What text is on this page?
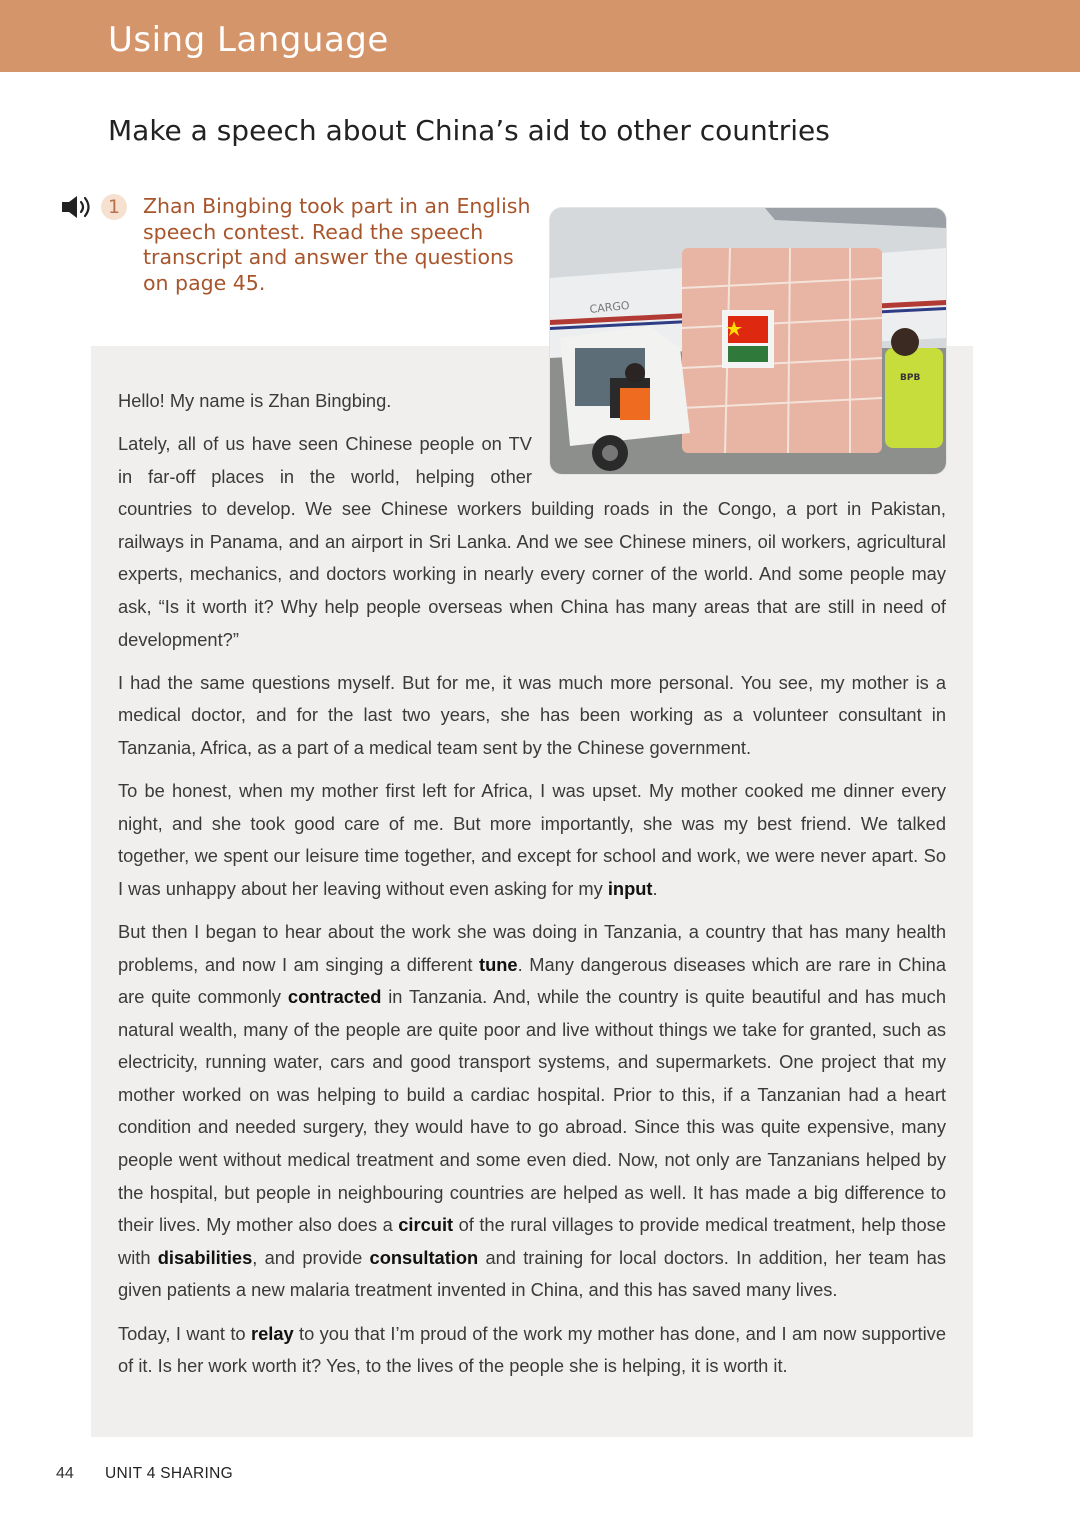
Using Language
Make a speech about China’s aid to other countries
1	Zhan Bingbing took part in an English speech contest. Read the speech transcript and answer the questions on page 45.
CARGO
BPB

Hello! My name is Zhan Bingbing.

Lately, all of us have seen Chinese people on TV in far-off places in the world, helping other countries to develop. We see Chinese workers building roads in the Congo, a port in Pakistan, railways in Panama, and an airport in Sri Lanka. And we see Chinese miners, oil workers, agricultural experts, mechanics, and doctors working in nearly every corner of the world. And some people may ask, “Is it worth it? Why help people overseas when China has many areas that are still in need of development?”

I had the same questions myself. But for me, it was much more personal. You see, my mother is a medical doctor, and for the last two years, she has been working as a volunteer consultant in Tanzania, Africa, as a part of a medical team sent by the Chinese government.

To be honest, when my mother first left for Africa, I was upset. My mother cooked me dinner every night, and she took good care of me. But more importantly, she was my best friend. We talked together, we spent our leisure time together, and except for school and work, we were never apart. So I was unhappy about her leaving without even asking for my input.

But then I began to hear about the work she was doing in Tanzania, a country that has many health problems, and now I am singing a different tune. Many dangerous diseases which are rare in China are quite commonly contracted in Tanzania. And, while the country is quite beautiful and has much natural wealth, many of the people are quite poor and live without things we take for granted, such as electricity, running water, cars and good transport systems, and supermarkets. One project that my mother worked on was helping to build a cardiac hospital. Prior to this, if a Tanzanian had a heart condition and needed surgery, they would have to go abroad. Since this was quite expensive, many people went without medical treatment and some even died. Now, not only are Tanzanians helped by the hospital, but people in neighbouring countries are helped as well. It has made a big difference to their lives. My mother also does a circuit of the rural villages to provide medical treatment, help those with disabilities, and provide consultation and training for local doctors. In addition, her team has given patients a new malaria treatment invented in China, and this has saved many lives.

Today, I want to relay to you that I’m proud of the work my mother has done, and I am now supportive of it. Is her work worth it? Yes, to the lives of the people she is helping, it is worth it.

44 UNIT 4 SHARING
